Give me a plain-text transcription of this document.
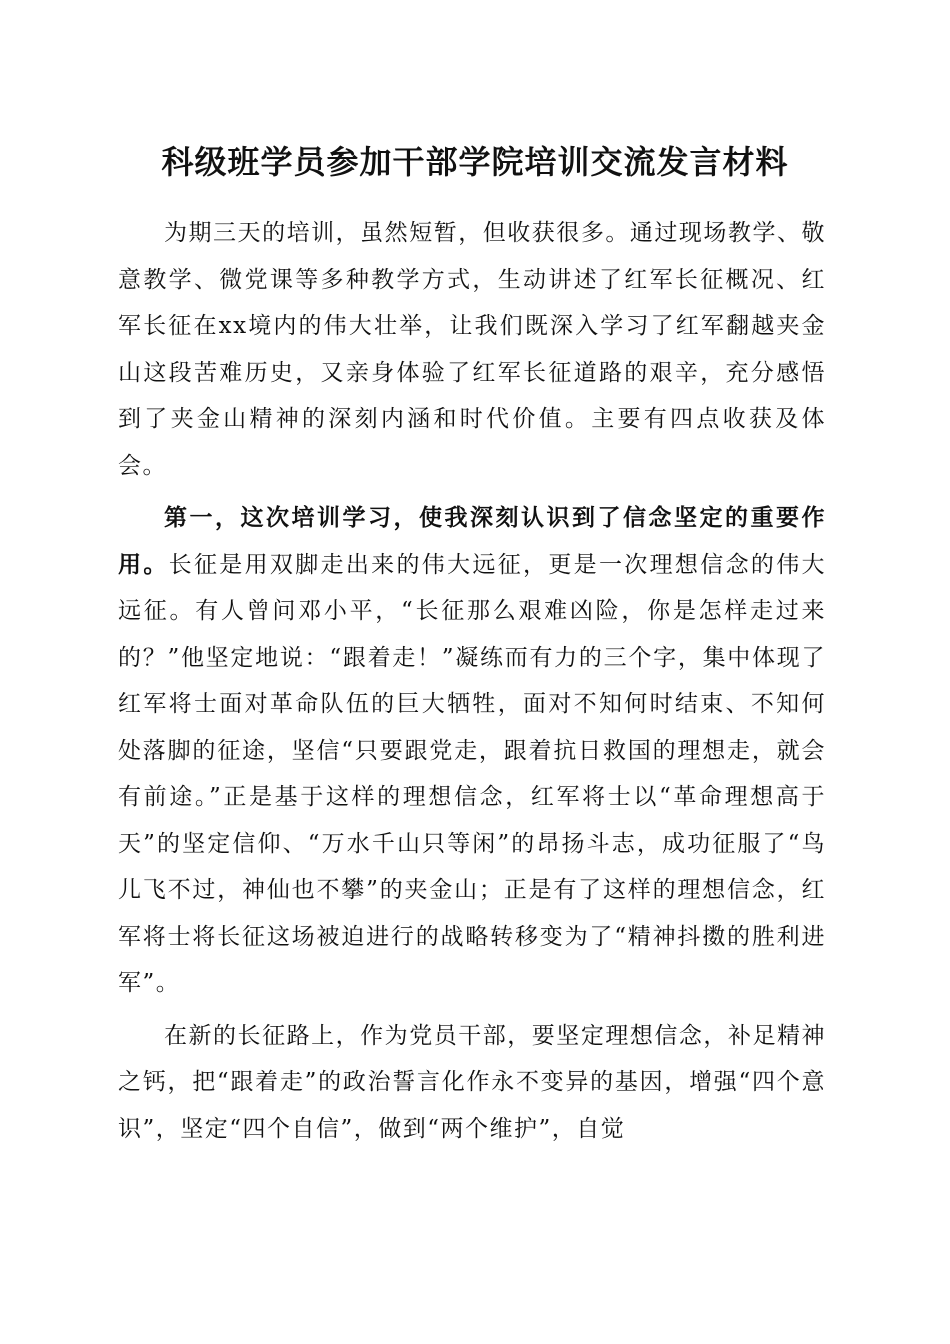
科级班学员参加干部学院培训交流发言材料

为期三天的培训，虽然短暂，但收获很多。通过现场教学、敬意教学、微党课等多种教学方式，生动讲述了红军长征概况、红军长征在xx境内的伟大壮举，让我们既深入学习了红军翻越夹金山这段苦难历史，又亲身体验了红军长征道路的艰辛，充分感悟到了夹金山精神的深刻内涵和时代价值。主要有四点收获及体会。

第一，这次培训学习，使我深刻认识到了信念坚定的重要作用。长征是用双脚走出来的伟大远征，更是一次理想信念的伟大远征。有人曾问邓小平，“长征那么艰难凶险，你是怎样走过来的？”他坚定地说：“跟着走！”凝练而有力的三个字，集中体现了红军将士面对革命队伍的巨大牺牲，面对不知何时结束、不知何处落脚的征途，坚信“只要跟党走，跟着抗日救国的理想走，就会有前途。”正是基于这样的理想信念，红军将士以“革命理想高于天”的坚定信仰、“万水千山只等闲”的昂扬斗志，成功征服了“鸟儿飞不过，神仙也不攀”的夹金山；正是有了这样的理想信念，红军将士将长征这场被迫进行的战略转移变为了“精神抖擞的胜利进军”。

在新的长征路上，作为党员干部，要坚定理想信念，补足精神之钙，把“跟着走”的政治誓言化作永不变异的基因，增强“四个意识”，坚定“四个自信”，做到“两个维护”，自觉
